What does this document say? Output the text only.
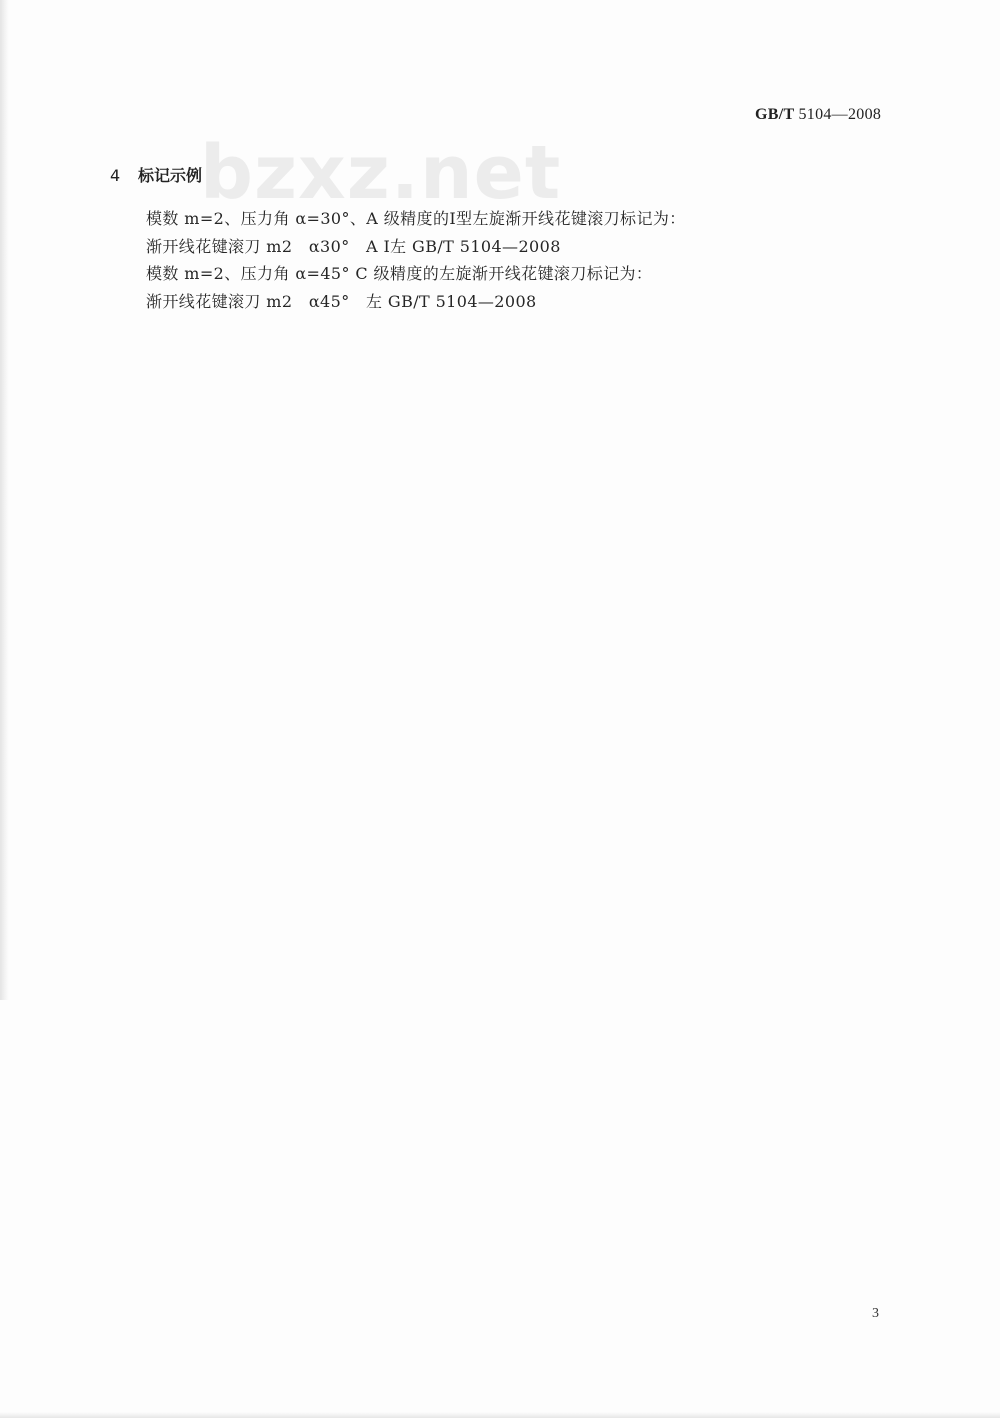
GB/T 5104—2008
bzxz.net
4 标记示例
模数 m=2、压力角 α=30°、A 级精度的Ⅰ型左旋渐开线花键滚刀标记为：
渐开线花键滚刀 m2　α30°　A Ⅰ左 GB/T 5104—2008
模数 m=2、压力角 α=45° C 级精度的左旋渐开线花键滚刀标记为：
渐开线花键滚刀 m2　α45°　左 GB/T 5104—2008
3
